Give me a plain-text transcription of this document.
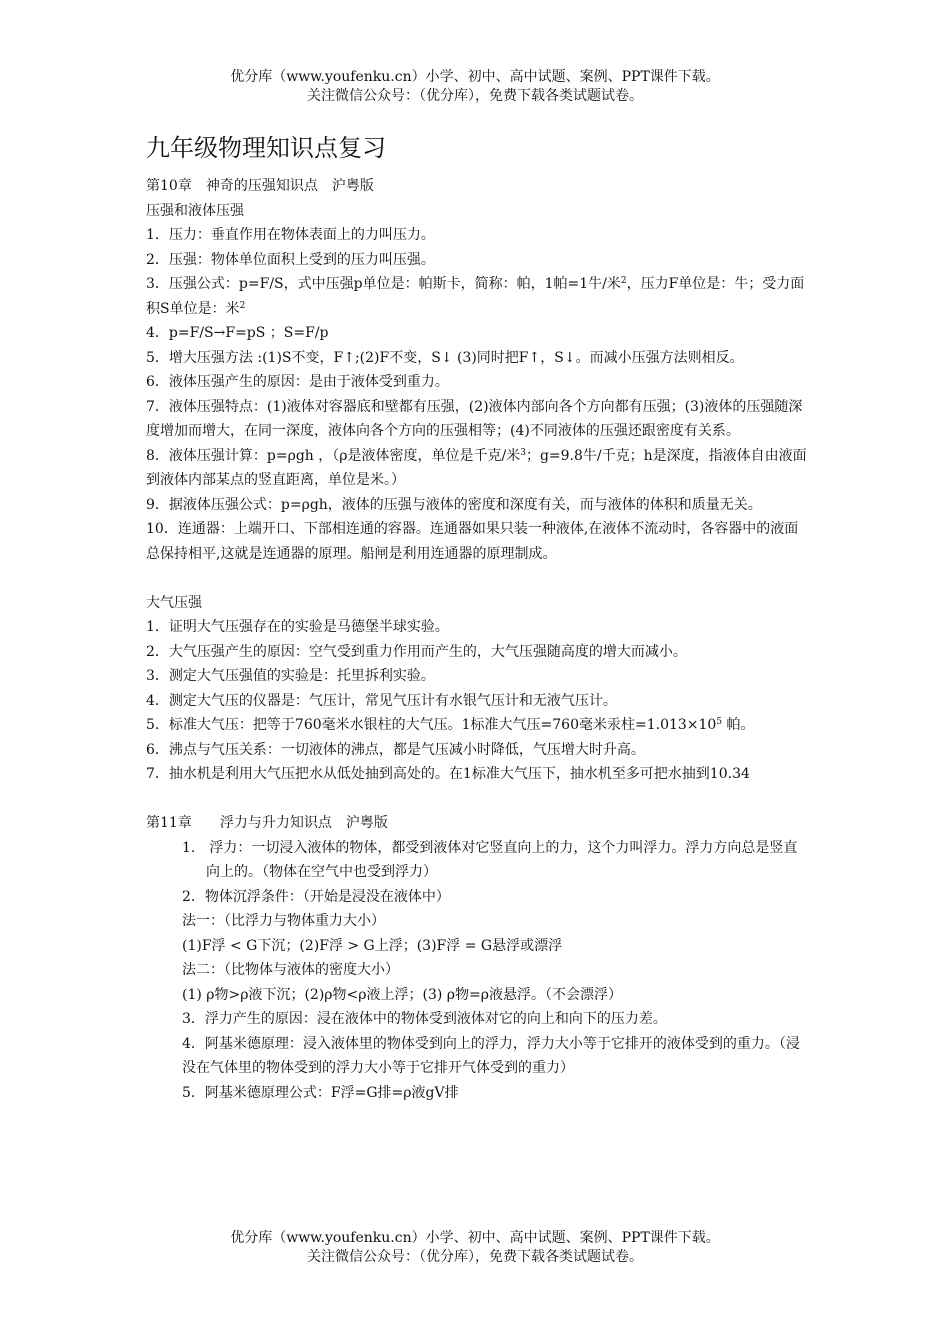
优分库（www.youfenku.cn）小学、初中、高中试题、案例、PPT课件下载。
关注微信公众号：（优分库），免费下载各类试题试卷。
九年级物理知识点复习

第10章　神奇的压强知识点　沪粤版

压强和液体压强

1．压力：垂直作用在物体表面上的力叫压力。

2．压强：物体单位面积上受到的压力叫压强。

3．压强公式：p=F/S，式中压强p单位是：帕斯卡，简称：帕，1帕=1牛/米$^2$，压力F单位是：牛；受力面积S单位是：米$^2$

4．p=F/S→F=pS ；S=F/p

5．增大压强方法 :(1)S不变，F↑;(2)F不变，S↓ (3)同时把F↑，S↓。而减小压强方法则相反。

6．液体压强产生的原因：是由于液体受到重力。

7．液体压强特点：(1)液体对容器底和壁都有压强，(2)液体内部向各个方向都有压强；(3)液体的压强随深度增加而增大，在同一深度，液体向各个方向的压强相等；(4)不同液体的压强还跟密度有关系。

8．液体压强计算：p=ρgh ，（ρ是液体密度，单位是千克/米$^3$；g=9.8牛/千克；h是深度，指液体自由液面到液体内部某点的竖直距离，单位是米。）

9．据液体压强公式：p=ρgh，液体的压强与液体的密度和深度有关，而与液体的体积和质量无关。

10．连通器：上端开口、下部相连通的容器。连通器如果只装一种液体,在液体不流动时，各容器中的液面总保持相平,这就是连通器的原理。船闸是利用连通器的原理制成。

大气压强

1．证明大气压强存在的实验是马德堡半球实验。

2．大气压强产生的原因：空气受到重力作用而产生的，大气压强随高度的增大而减小。

3．测定大气压强值的实验是：托里拆利实验。

4．测定大气压的仪器是：气压计，常见气压计有水银气压计和无液气压计。

5．标准大气压：把等于760毫米水银柱的大气压。1标准大气压=760毫米汞柱$=1.013\times 10^5$ 帕。

6．沸点与气压关系：一切液体的沸点，都是气压减小时降低，气压增大时升高。

7．抽水机是利用大气压把水从低处抽到高处的。在1标准大气压下，抽水机至多可把水抽到10.34

第11章　　浮力与升力知识点　沪粤版

1.　浮力：一切浸入液体的物体，都受到液体对它竖直向上的力，这个力叫浮力。浮力方向总是竖直向上的。（物体在空气中也受到浮力）

2．物体沉浮条件：（开始是浸没在液体中）

法一：（比浮力与物体重力大小）

(1)F浮 < G下沉；(2)F浮 > G上浮；(3)F浮 = G悬浮或漂浮

法二：（比物体与液体的密度大小）

(1) ρ物>ρ液下沉；(2)ρ物<ρ液上浮；(3) ρ物=ρ液悬浮。（不会漂浮）

3．浮力产生的原因：浸在液体中的物体受到液体对它的向上和向下的压力差。

4．阿基米德原理：浸入液体里的物体受到向上的浮力，浮力大小等于它排开的液体受到的重力。（浸没在气体里的物体受到的浮力大小等于它排开气体受到的重力）

5．阿基米德原理公式：F浮=G排=ρ液gV排

优分库（www.youfenku.cn）小学、初中、高中试题、案例、PPT课件下载。
关注微信公众号：（优分库），免费下载各类试题试卷。
